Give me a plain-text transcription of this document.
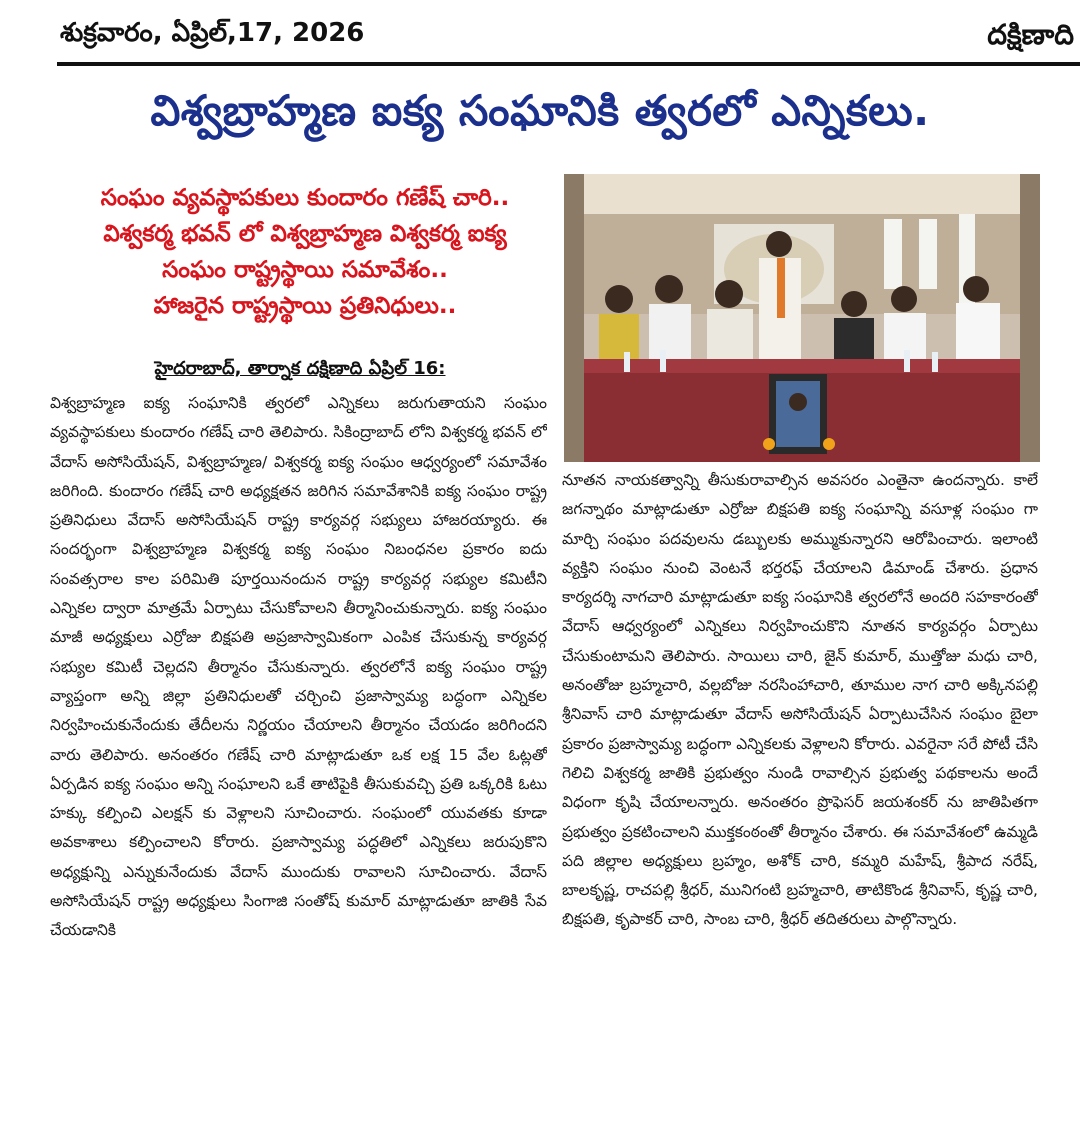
శుక్రవారం, ఏప్రిల్,17, 2026	దక్షిణాది
విశ్వబ్రాహ్మణ ఐక్య సంఘానికి త్వరలో ఎన్నికలు.
సంఘం వ్యవస్థాపకులు కుందారం గణేష్ చారి..
విశ్వకర్మ భవన్ లో విశ్వబ్రాహ్మణ విశ్వకర్మ ఐక్య
సంఘం రాష్ట్రస్థాయి సమావేశం..
హాజరైన రాష్ట్రస్థాయి ప్రతినిధులు..
హైదరాబాద్, తార్నాక దక్షిణాది ఏప్రిల్ 16:
విశ్వబ్రాహ్మణ ఐక్య సంఘానికి త్వరలో ఎన్నికలు జరుగుతాయని సంఘం వ్యవస్థాపకులు కుందారం గణేష్ చారి తెలిపారు. సికింద్రాబాద్ లోని విశ్వకర్మ భవన్ లో వేదాస్ అసోసియేషన్, విశ్వబ్రాహ్మణ/ విశ్వకర్మ ఐక్య సంఘం ఆధ్వర్యంలో సమావేశం జరిగింది. కుందారం గణేష్ చారి అధ్యక్షతన జరిగిన సమావేశానికి ఐక్య సంఘం రాష్ట్ర ప్రతినిధులు వేదాస్ అసోసియేషన్ రాష్ట్ర కార్యవర్గ సభ్యులు హాజరయ్యారు. ఈ సందర్భంగా విశ్వబ్రాహ్మణ విశ్వకర్మ ఐక్య సంఘం నిబంధనల ప్రకారం ఐదు సంవత్సరాల కాల పరిమితి పూర్తయినందున రాష్ట్ర కార్యవర్గ సభ్యుల కమిటీని ఎన్నికల ద్వారా మాత్రమే ఏర్పాటు చేసుకోవాలని తీర్మానించుకున్నారు. ఐక్య సంఘం మాజీ అధ్యక్షులు ఎర్రోజు బిక్షపతి అప్రజాస్వామికంగా ఎంపిక చేసుకున్న కార్యవర్గ సభ్యుల కమిటీ చెల్లదని తీర్మానం చేసుకున్నారు. త్వరలోనే ఐక్య సంఘం రాష్ట్ర వ్యాప్తంగా అన్ని జిల్లా ప్రతినిధులతో చర్చించి ప్రజాస్వామ్య బద్ధంగా ఎన్నికల నిర్వహించుకునేందుకు తేదీలను నిర్ణయం చేయాలని తీర్మానం చేయడం జరిగిందని వారు తెలిపారు. అనంతరం గణేష్ చారి మాట్లాడుతూ ఒక లక్ష 15 వేల ఓట్లతో ఏర్పడిన ఐక్య సంఘం అన్ని సంఘాలని ఒకే తాటిపైకి తీసుకువచ్చి ప్రతి ఒక్కరికి ఓటు హక్కు కల్పించి ఎలక్షన్ కు వెళ్లాలని సూచించారు. సంఘంలో యువతకు కూడా అవకాశాలు కల్పించాలని కోరారు. ప్రజాస్వామ్య పద్ధతిలో ఎన్నికలు జరుపుకొని అధ్యక్షున్ని ఎన్నుకునేందుకు వేదాస్ ముందుకు రావాలని సూచించారు. వేదాస్ అసోసియేషన్ రాష్ట్ర అధ్యక్షులు సింగాజి సంతోష్ కుమార్ మాట్లాడుతూ జాతికి సేవ చేయడానికి
నూతన నాయకత్వాన్ని తీసుకురావాల్సిన అవసరం ఎంతైనా ఉందన్నారు. కాలే జగన్నాథం మాట్లాడుతూ ఎర్రోజు బిక్షపతి ఐక్య సంఘాన్ని వసూళ్ల సంఘం గా మార్చి సంఘం పదవులను డబ్బులకు అమ్ముకున్నారని ఆరోపించారు. ఇలాంటి వ్యక్తిని సంఘం నుంచి వెంటనే భర్తరఫ్ చేయాలని డిమాండ్ చేశారు. ప్రధాన కార్యదర్శి నాగచారి మాట్లాడుతూ ఐక్య సంఘానికి త్వరలోనే అందరి సహకారంతో వేదాస్ ఆధ్వర్యంలో ఎన్నికలు నిర్వహించుకొని నూతన కార్యవర్గం ఏర్పాటు చేసుకుంటామని తెలిపారు. సాయిలు చారి, జైన్ కుమార్, ముత్తోజు మధు చారి, అనంతోజు బ్రహ్మచారి, వల్లబోజు నరసింహాచారి, తూముల నాగ చారి అక్కినపల్లి శ్రీనివాస్ చారి మాట్లాడుతూ వేదాస్ అసోసియేషన్ ఏర్పాటుచేసిన సంఘం బైలా ప్రకారం ప్రజాస్వామ్య బద్ధంగా ఎన్నికలకు వెళ్లాలని కోరారు. ఎవరైనా సరే పోటీ చేసి గెలిచి విశ్వకర్మ జాతికి ప్రభుత్వం నుండి రావాల్సిన ప్రభుత్వ పథకాలను అందే విధంగా కృషి చేయాలన్నారు. అనంతరం ప్రొఫెసర్ జయశంకర్ ను జాతిపితగా ప్రభుత్వం ప్రకటించాలని ముక్తకంఠంతో తీర్మానం చేశారు. ఈ సమావేశంలో ఉమ్మడి పది జిల్లాల అధ్యక్షులు బ్రహ్మం, అశోక్ చారి, కమ్మరి మహేష్, శ్రీపాద నరేష్, బాలకృష్ణ, రాచపల్లి శ్రీధర్, మునిగంటి బ్రహ్మచారి, తాటికొండ శ్రీనివాస్, కృష్ణ చారి, బిక్షపతి, కృపాకర్ చారి, సాంబ చారి, శ్రీధర్ తదితరులు పాల్గొన్నారు.
